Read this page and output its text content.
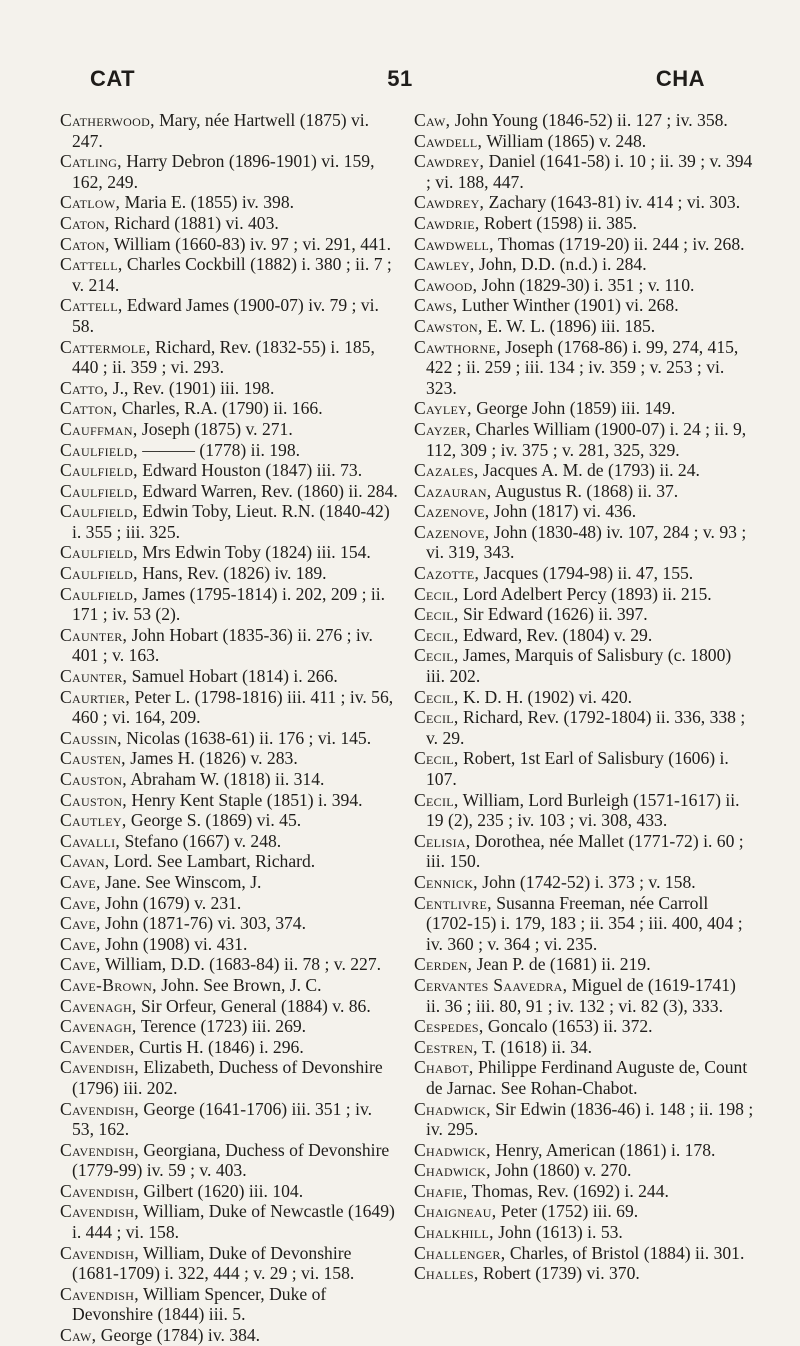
CAT	51	CHA

Catherwood, Mary, née Hartwell (1875) vi. 247.

Catling, Harry Debron (1896-1901) vi. 159, 162, 249.

Catlow, Maria E. (1855) iv. 398.

Caton, Richard (1881) vi. 403.

Caton, William (1660-83) iv. 97 ; vi. 291, 441.

Cattell, Charles Cockbill (1882) i. 380 ; ii. 7 ; v. 214.

Cattell, Edward James (1900-07) iv. 79 ; vi. 58.

Cattermole, Richard, Rev. (1832-55) i. 185, 440 ; ii. 359 ; vi. 293.

Catto, J., Rev. (1901) iii. 198.

Catton, Charles, R.A. (1790) ii. 166.

Cauffman, Joseph (1875) v. 271.

Caulfield, ——— (1778) ii. 198.

Caulfield, Edward Houston (1847) iii. 73.

Caulfield, Edward Warren, Rev. (1860) ii. 284.

Caulfield, Edwin Toby, Lieut. R.N. (1840-42) i. 355 ; iii. 325.

Caulfield, Mrs Edwin Toby (1824) iii. 154.

Caulfield, Hans, Rev. (1826) iv. 189.

Caulfield, James (1795-1814) i. 202, 209 ; ii. 171 ; iv. 53 (2).

Caunter, John Hobart (1835-36) ii. 276 ; iv. 401 ; v. 163.

Caunter, Samuel Hobart (1814) i. 266.

Caurtier, Peter L. (1798-1816) iii. 411 ; iv. 56, 460 ; vi. 164, 209.

Caussin, Nicolas (1638-61) ii. 176 ; vi. 145.

Causten, James H. (1826) v. 283.

Causton, Abraham W. (1818) ii. 314.

Causton, Henry Kent Staple (1851) i. 394.

Cautley, George S. (1869) vi. 45.

Cavalli, Stefano (1667) v. 248.

Cavan, Lord. See Lambart, Richard.

Cave, Jane. See Winscom, J.

Cave, John (1679) v. 231.

Cave, John (1871-76) vi. 303, 374.

Cave, John (1908) vi. 431.

Cave, William, D.D. (1683-84) ii. 78 ; v. 227.

Cave-Brown, John. See Brown, J. C.

Cavenagh, Sir Orfeur, General (1884) v. 86.

Cavenagh, Terence (1723) iii. 269.

Cavender, Curtis H. (1846) i. 296.

Cavendish, Elizabeth, Duchess of Devonshire (1796) iii. 202.

Cavendish, George (1641-1706) iii. 351 ; iv. 53, 162.

Cavendish, Georgiana, Duchess of Devonshire (1779-99) iv. 59 ; v. 403.

Cavendish, Gilbert (1620) iii. 104.

Cavendish, William, Duke of Newcastle (1649) i. 444 ; vi. 158.

Cavendish, William, Duke of Devonshire (1681-1709) i. 322, 444 ; v. 29 ; vi. 158.

Cavendish, William Spencer, Duke of Devonshire (1844) iii. 5.

Caw, George (1784) iv. 384.

Caw, John Young (1846-52) ii. 127 ; iv. 358.

Cawdell, William (1865) v. 248.

Cawdrey, Daniel (1641-58) i. 10 ; ii. 39 ; v. 394 ; vi. 188, 447.

Cawdrey, Zachary (1643-81) iv. 414 ; vi. 303.

Cawdrie, Robert (1598) ii. 385.

Cawdwell, Thomas (1719-20) ii. 244 ; iv. 268.

Cawley, John, D.D. (n.d.) i. 284.

Cawood, John (1829-30) i. 351 ; v. 110.

Caws, Luther Winther (1901) vi. 268.

Cawston, E. W. L. (1896) iii. 185.

Cawthorne, Joseph (1768-86) i. 99, 274, 415, 422 ; ii. 259 ; iii. 134 ; iv. 359 ; v. 253 ; vi. 323.

Cayley, George John (1859) iii. 149.

Cayzer, Charles William (1900-07) i. 24 ; ii. 9, 112, 309 ; iv. 375 ; v. 281, 325, 329.

Cazales, Jacques A. M. de (1793) ii. 24.

Cazauran, Augustus R. (1868) ii. 37.

Cazenove, John (1817) vi. 436.

Cazenove, John (1830-48) iv. 107, 284 ; v. 93 ; vi. 319, 343.

Cazotte, Jacques (1794-98) ii. 47, 155.

Cecil, Lord Adelbert Percy (1893) ii. 215.

Cecil, Sir Edward (1626) ii. 397.

Cecil, Edward, Rev. (1804) v. 29.

Cecil, James, Marquis of Salisbury (c. 1800) iii. 202.

Cecil, K. D. H. (1902) vi. 420.

Cecil, Richard, Rev. (1792-1804) ii. 336, 338 ; v. 29.

Cecil, Robert, 1st Earl of Salisbury (1606) i. 107.

Cecil, William, Lord Burleigh (1571-1617) ii. 19 (2), 235 ; iv. 103 ; vi. 308, 433.

Celisia, Dorothea, née Mallet (1771-72) i. 60 ; iii. 150.

Cennick, John (1742-52) i. 373 ; v. 158.

Centlivre, Susanna Freeman, née Carroll (1702-15) i. 179, 183 ; ii. 354 ; iii. 400, 404 ; iv. 360 ; v. 364 ; vi. 235.

Cerden, Jean P. de (1681) ii. 219.

Cervantes Saavedra, Miguel de (1619-1741) ii. 36 ; iii. 80, 91 ; iv. 132 ; vi. 82 (3), 333.

Cespedes, Goncalo (1653) ii. 372.

Cestren, T. (1618) ii. 34.

Chabot, Philippe Ferdinand Auguste de, Count de Jarnac. See Rohan-Chabot.

Chadwick, Sir Edwin (1836-46) i. 148 ; ii. 198 ; iv. 295.

Chadwick, Henry, American (1861) i. 178.

Chadwick, John (1860) v. 270.

Chafie, Thomas, Rev. (1692) i. 244.

Chaigneau, Peter (1752) iii. 69.

Chalkhill, John (1613) i. 53.

Challenger, Charles, of Bristol (1884) ii. 301.

Challes, Robert (1739) vi. 370.
